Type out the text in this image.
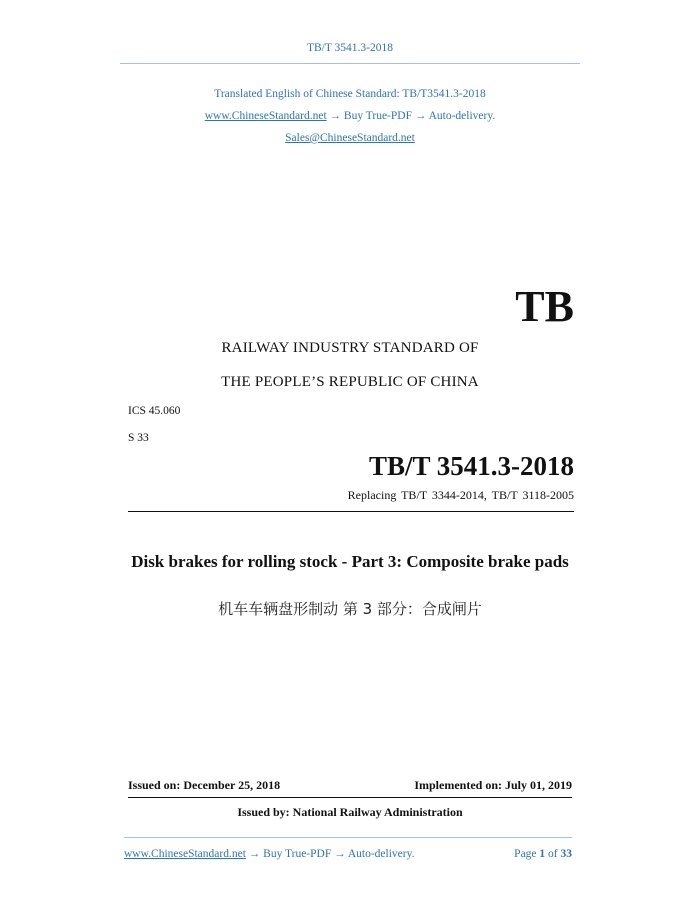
TB/T 3541.3-2018
Translated English of Chinese Standard: TB/T3541.3-2018
www.ChineseStandard.net → Buy True-PDF → Auto-delivery.
Sales@ChineseStandard.net
TB
RAILWAY INDUSTRY STANDARD OF
THE PEOPLE’S REPUBLIC OF CHINA
ICS 45.060
S 33
TB/T 3541.3-2018
Replacing TB/T 3344-2014, TB/T 3118-2005
Disk brakes for rolling stock - Part 3: Composite brake pads
机车车辆盘形制动 第 3 部分：合成闸片
Issued on: December 25, 2018	Implemented on: July 01, 2019
Issued by: National Railway Administration
www.ChineseStandard.net → Buy True-PDF → Auto-delivery.	Page 1 of 33
